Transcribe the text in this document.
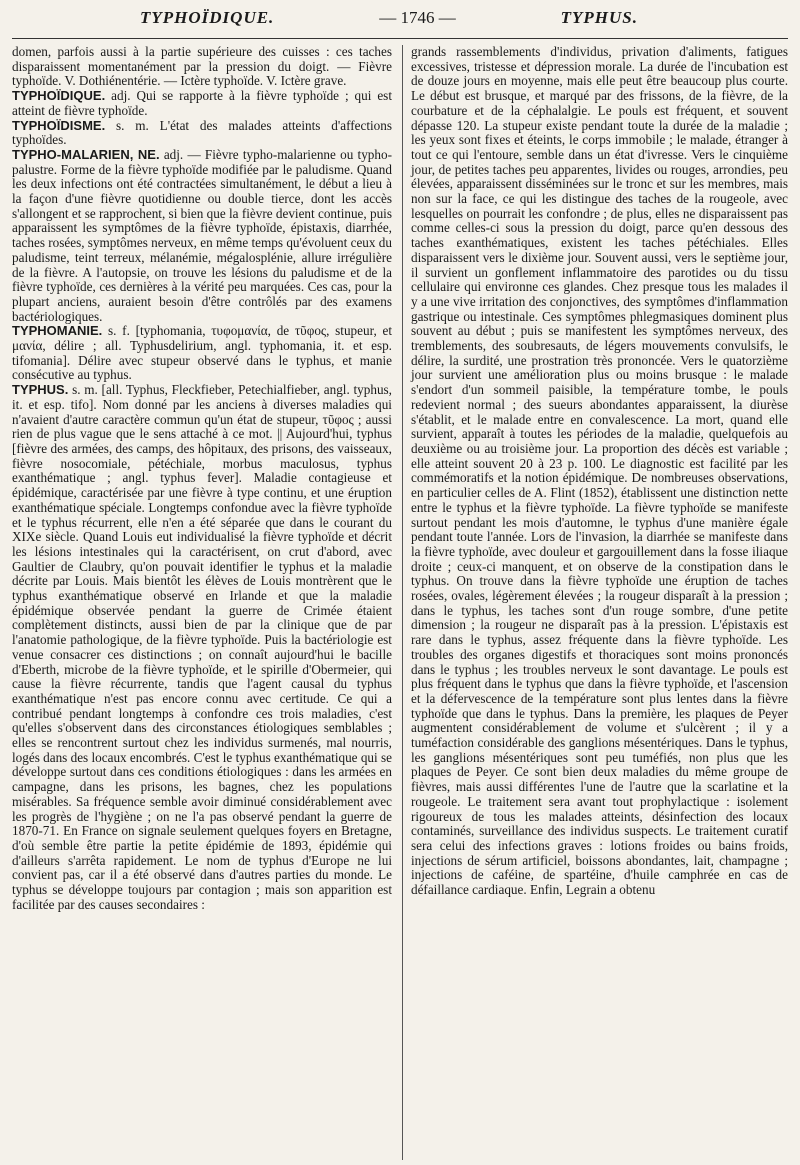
TYPHOÏDIQUE.	— 1746 —	TYPHUS.

domen, parfois aussi à la partie supérieure des cuisses : ces taches disparaissent momentanément par la pression du doigt. — Fièvre typhoïde. V. Dothiénentérie. — Ictère typhoïde. V. Ictère grave.

TYPHOÏDIQUE. adj. Qui se rapporte à la fièvre typhoïde ; qui est atteint de fièvre typhoïde.

TYPHOÏDISME. s. m. L'état des malades atteints d'affections typhoïdes.

TYPHO-MALARIEN, NE. adj. — Fièvre typho-malarienne ou typho-palustre. Forme de la fièvre typhoïde modifiée par le paludisme. Quand les deux infections ont été contractées simultanément, le début a lieu à la façon d'une fièvre quotidienne ou double tierce, dont les accès s'allongent et se rapprochent, si bien que la fièvre devient continue, puis apparaissent les symptômes de la fièvre typhoïde, épistaxis, diarrhée, taches rosées, symptômes nerveux, en même temps qu'évoluent ceux du paludisme, teint terreux, mélanémie, mégalosplénie, allure irrégulière de la fièvre. A l'autopsie, on trouve les lésions du paludisme et de la fièvre typhoïde, ces dernières à la vérité peu marquées. Ces cas, pour la plupart anciens, auraient besoin d'être contrôlés par des examens bactériologiques.

TYPHOMANIE. s. f. [typhomania, τυφομανία, de τῦφος, stupeur, et μανία, délire ; all. Typhusdelirium, angl. typhomania, it. et esp. tifomania]. Délire avec stupeur observé dans le typhus, et manie consécutive au typhus.

TYPHUS. s. m. [all. Typhus, Fleckfieber, Petechialfieber, angl. typhus, it. et esp. tifo]. Nom donné par les anciens à diverses maladies qui n'avaient d'autre caractère commun qu'un état de stupeur, τῦφος ; aussi rien de plus vague que le sens attaché à ce mot. || Aujourd'hui, typhus [fièvre des armées, des camps, des hôpitaux, des prisons, des vaisseaux, fièvre nosocomiale, pétéchiale, morbus maculosus, typhus exanthématique ; angl. typhus fever]. Maladie contagieuse et épidémique, caractérisée par une fièvre à type continu, et une éruption exanthématique spéciale. Longtemps confondue avec la fièvre typhoïde et le typhus récurrent, elle n'en a été séparée que dans le courant du XIXe siècle. Quand Louis eut individualisé la fièvre typhoïde et décrit les lésions intestinales qui la caractérisent, on crut d'abord, avec Gaultier de Claubry, qu'on pouvait identifier le typhus et la maladie décrite par Louis. Mais bientôt les élèves de Louis montrèrent que le typhus exanthématique observé en Irlande et que la maladie épidémique observée pendant la guerre de Crimée étaient complètement distincts, aussi bien de par la clinique que de par l'anatomie pathologique, de la fièvre typhoïde. Puis la bactériologie est venue consacrer ces distinctions ; on connaît aujourd'hui le bacille d'Eberth, microbe de la fièvre typhoïde, et le spirille d'Obermeier, qui cause la fièvre récurrente, tandis que l'agent causal du typhus exanthématique n'est pas encore connu avec certitude. Ce qui a contribué pendant longtemps à confondre ces trois maladies, c'est qu'elles s'observent dans des circonstances étiologiques semblables ; elles se rencontrent surtout chez les individus surmenés, mal nourris, logés dans des locaux encombrés. C'est le typhus exanthématique qui se développe surtout dans ces conditions étiologiques : dans les armées en campagne, dans les prisons, les bagnes, chez les populations misérables. Sa fréquence semble avoir diminué considérablement avec les progrès de l'hygiène ; on ne l'a pas observé pendant la guerre de 1870-71. En France on signale seulement quelques foyers en Bretagne, d'où semble être partie la petite épidémie de 1893, épidémie qui d'ailleurs s'arrêta rapidement. Le nom de typhus d'Europe ne lui convient pas, car il a été observé dans d'autres parties du monde. Le typhus se développe toujours par contagion ; mais son apparition est facilitée par des causes secondaires :

grands rassemblements d'individus, privation d'aliments, fatigues excessives, tristesse et dépression morale. La durée de l'incubation est de douze jours en moyenne, mais elle peut être beaucoup plus courte. Le début est brusque, et marqué par des frissons, de la fièvre, de la courbature et de la céphalalgie. Le pouls est fréquent, et souvent dépasse 120. La stupeur existe pendant toute la durée de la maladie ; les yeux sont fixes et éteints, le corps immobile ; le malade, étranger à tout ce qui l'entoure, semble dans un état d'ivresse. Vers le cinquième jour, de petites taches peu apparentes, livides ou rouges, arrondies, peu élevées, apparaissent disséminées sur le tronc et sur les membres, mais non sur la face, ce qui les distingue des taches de la rougeole, avec lesquelles on pourrait les confondre ; de plus, elles ne disparaissent pas comme celles-ci sous la pression du doigt, parce qu'en dessous des taches exanthématiques, existent les taches pétéchiales. Elles disparaissent vers le dixième jour. Souvent aussi, vers le septième jour, il survient un gonflement inflammatoire des parotides ou du tissu cellulaire qui environne ces glandes. Chez presque tous les malades il y a une vive irritation des conjonctives, des symptômes d'inflammation gastrique ou intestinale. Ces symptômes phlegmasiques dominent plus souvent au début ; puis se manifestent les symptômes nerveux, des tremblements, des soubresauts, de légers mouvements convulsifs, le délire, la surdité, une prostration très prononcée. Vers le quatorzième jour survient une amélioration plus ou moins brusque : le malade s'endort d'un sommeil paisible, la température tombe, le pouls redevient normal ; des sueurs abondantes apparaissent, la diurèse s'établit, et le malade entre en convalescence. La mort, quand elle survient, apparaît à toutes les périodes de la maladie, quelquefois au deuxième ou au troisième jour. La proportion des décès est variable ; elle atteint souvent 20 à 23 p. 100. Le diagnostic est facilité par les commémoratifs et la notion épidémique. De nombreuses observations, en particulier celles de A. Flint (1852), établissent une distinction nette entre le typhus et la fièvre typhoïde. La fièvre typhoïde se manifeste surtout pendant les mois d'automne, le typhus d'une manière égale pendant toute l'année. Lors de l'invasion, la diarrhée se manifeste dans la fièvre typhoïde, avec douleur et gargouillement dans la fosse iliaque droite ; ceux-ci manquent, et on observe de la constipation dans le typhus. On trouve dans la fièvre typhoïde une éruption de taches rosées, ovales, légèrement élevées ; la rougeur disparaît à la pression ; dans le typhus, les taches sont d'un rouge sombre, d'une petite dimension ; la rougeur ne disparaît pas à la pression. L'épistaxis est rare dans le typhus, assez fréquente dans la fièvre typhoïde. Les troubles des organes digestifs et thoraciques sont moins prononcés dans le typhus ; les troubles nerveux le sont davantage. Le pouls est plus fréquent dans le typhus que dans la fièvre typhoïde, et l'ascension et la défervescence de la température sont plus lentes dans la fièvre typhoïde que dans le typhus. Dans la première, les plaques de Peyer augmentent considérablement de volume et s'ulcèrent ; il y a tuméfaction considérable des ganglions mésentériques. Dans le typhus, les ganglions mésentériques sont peu tuméfiés, non plus que les plaques de Peyer. Ce sont bien deux maladies du même groupe de fièvres, mais aussi différentes l'une de l'autre que la scarlatine et la rougeole. Le traitement sera avant tout prophylactique : isolement rigoureux de tous les malades atteints, désinfection des locaux contaminés, surveillance des individus suspects. Le traitement curatif sera celui des infections graves : lotions froides ou bains froids, injections de sérum artificiel, boissons abondantes, lait, champagne ; injections de caféine, de spartéine, d'huile camphrée en cas de défaillance cardiaque. Enfin, Legrain a obtenu
